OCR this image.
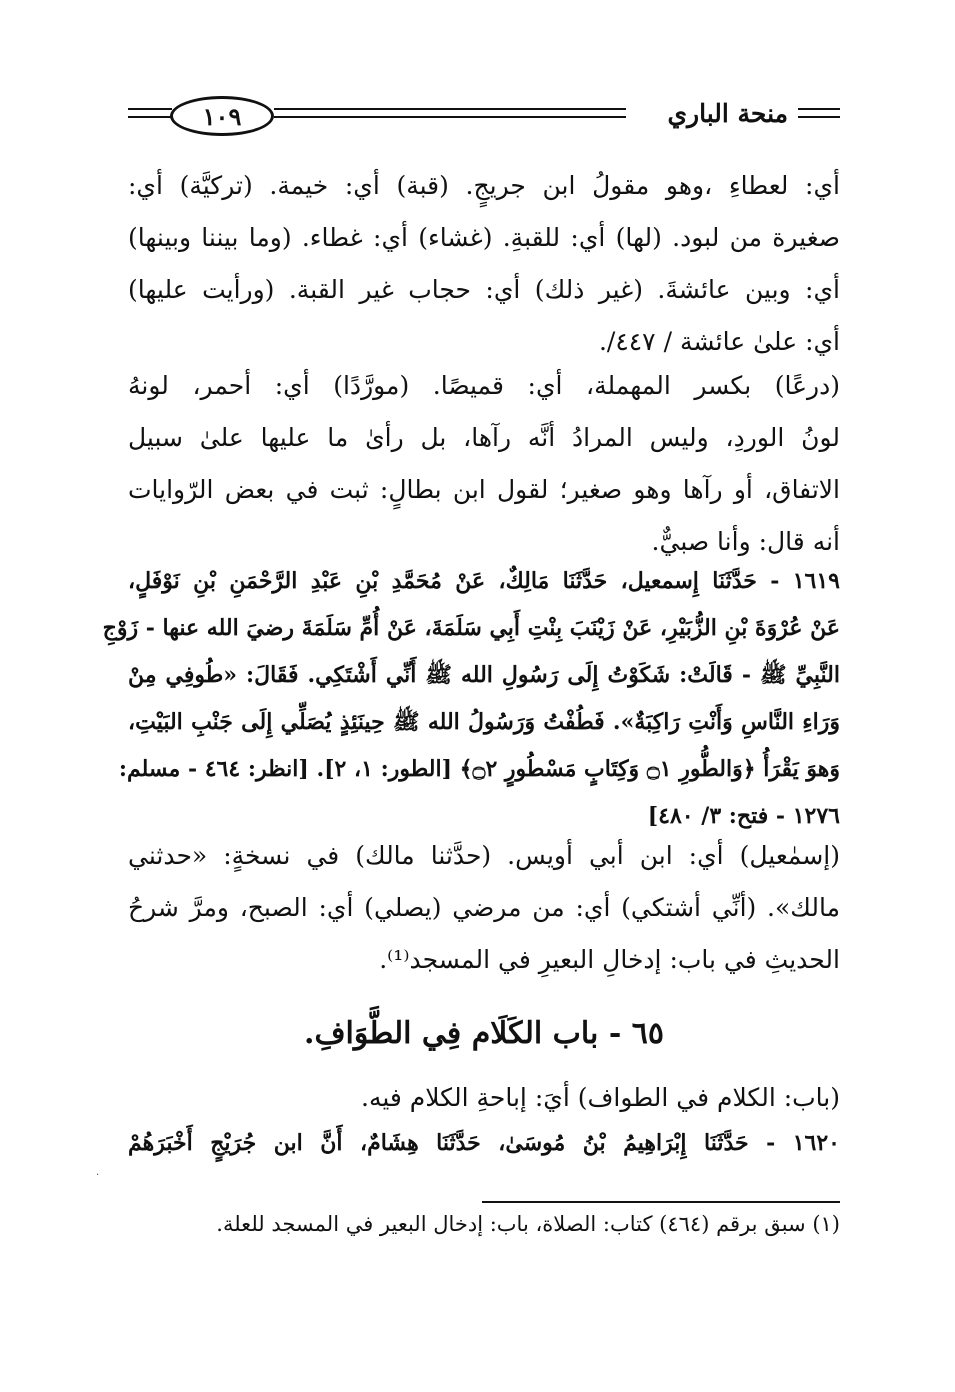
١٠٩	منحة الباري
أي: لعطاءِ ،وهو مقولُ ابن جريجٍ. (قبة) أي: خيمة. (تركيَّة) أي:
صغيرة من لبود. (لها) أي: للقبةِ. (غشاء) أي: غطاء. (وما بيننا وبينها)
أي: وبين عائشةَ. (غير ذلك) أي: حجاب غير القبة. (ورأيت عليها)
أي: علىٰ عائشة / ٤٤٧/.
(درعًا) بكسر المهملة، أي: قميصًا. (مورَّدًا) أي: أحمر، لونهُ
لونُ الوردِ، وليس المرادُ أنَّه رآها، بل رأىٰ ما عليها علىٰ سبيل
الاتفاق، أو رآها وهو صغير؛ لقول ابن بطالٍ: ثبت في بعض الرّوايات
أنه قال: وأنا صبيٌّ.
١٦١٩ - حَدَّثَنَا إِسمعيل، حَدَّثَنَا مَالِكٌ، عَنْ مُحَمَّدِ بْنِ عَبْدِ الرَّحْمَنِ بْنِ نَوْفَلٍ،
عَنْ عُرْوَةَ بْنِ الزُّبَيْرِ، عَنْ زَيْنَبَ بِنْتِ أَبِي سَلَمَةَ، عَنْ أُمِّ سَلَمَةَ رضيَ الله عنها - زَوْجِ
النَّبِيِّ ﷺ - قَالَتْ: شَكَوْتُ إِلَى رَسُولِ الله ﷺ أَنِّي أَشْتَكِي. فَقَالَ: «طُوفِي مِنْ
وَرَاءِ النَّاسِ وَأَنْتِ رَاكِبَةٌ». فَطُفْتُ وَرَسُولُ الله ﷺ حِينَئِذٍ يُصَلِّي إِلَى جَنْبِ البَيْتِ،
وَهوَ يَقْرَأُ ﴿وَالطُّورِ ۝١ وَكِتَابٍ مَسْطُورٍ ۝٢﴾ [الطور: ١، ٢]. [انظر: ٤٦٤ - مسلم:
١٢٧٦ - فتح: ٣/ ٤٨٠]
(إسمٰعيل) أي: ابن أبي أويس. (حدَّثنا مالك) في نسخةٍ: «حدثني
مالك». (أنِّي أشتكي) أي: من مرضي (يصلي) أي: الصبح، ومرَّ شرحُ
الحديثِ في باب: إدخالِ البعيرِ في المسجد⁽¹⁾.
٦٥ - باب الكَلَام فِي الطَّوَافِ.
(باب: الكلام في الطواف) أيَ: إباحةِ الكلام فيه.
١٦٢٠ - حَدَّثَنَا إِبْرَاهِيمُ بْنُ مُوسَىٰ، حَدَّثَنَا هِشَامٌ، أَنَّ ابن جُرَيْجٍ أَخْبَرَهُمْ
·
(١) سبق برقم (٤٦٤) كتاب: الصلاة، باب: إدخال البعير في المسجد للعلة.
